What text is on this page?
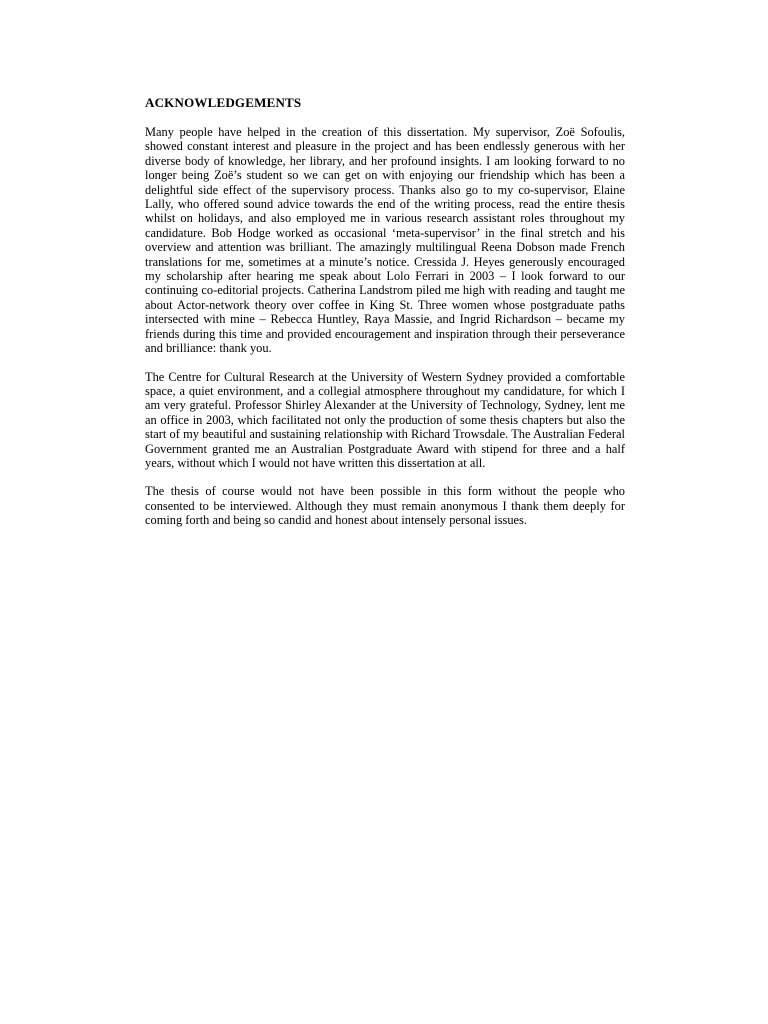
ACKNOWLEDGEMENTS

Many people have helped in the creation of this dissertation. My supervisor, Zoë Sofoulis, showed constant interest and pleasure in the project and has been endlessly generous with her diverse body of knowledge, her library, and her profound insights. I am looking forward to no longer being Zoë’s student so we can get on with enjoying our friendship which has been a delightful side effect of the supervisory process. Thanks also go to my co-supervisor, Elaine Lally, who offered sound advice towards the end of the writing process, read the entire thesis whilst on holidays, and also employed me in various research assistant roles throughout my candidature. Bob Hodge worked as occasional ‘meta-supervisor’ in the final stretch and his overview and attention was brilliant. The amazingly multilingual Reena Dobson made French translations for me, sometimes at a minute’s notice. Cressida J. Heyes generously encouraged my scholarship after hearing me speak about Lolo Ferrari in 2003 – I look forward to our continuing co-editorial projects. Catherina Landstrom piled me high with reading and taught me about Actor-network theory over coffee in King St. Three women whose postgraduate paths intersected with mine – Rebecca Huntley, Raya Massie, and Ingrid Richardson – became my friends during this time and provided encouragement and inspiration through their perseverance and brilliance: thank you.

The Centre for Cultural Research at the University of Western Sydney provided a comfortable space, a quiet environment, and a collegial atmosphere throughout my candidature, for which I am very grateful. Professor Shirley Alexander at the University of Technology, Sydney, lent me an office in 2003, which facilitated not only the production of some thesis chapters but also the start of my beautiful and sustaining relationship with Richard Trowsdale. The Australian Federal Government granted me an Australian Postgraduate Award with stipend for three and a half years, without which I would not have written this dissertation at all.

The thesis of course would not have been possible in this form without the people who consented to be interviewed. Although they must remain anonymous I thank them deeply for coming forth and being so candid and honest about intensely personal issues.
